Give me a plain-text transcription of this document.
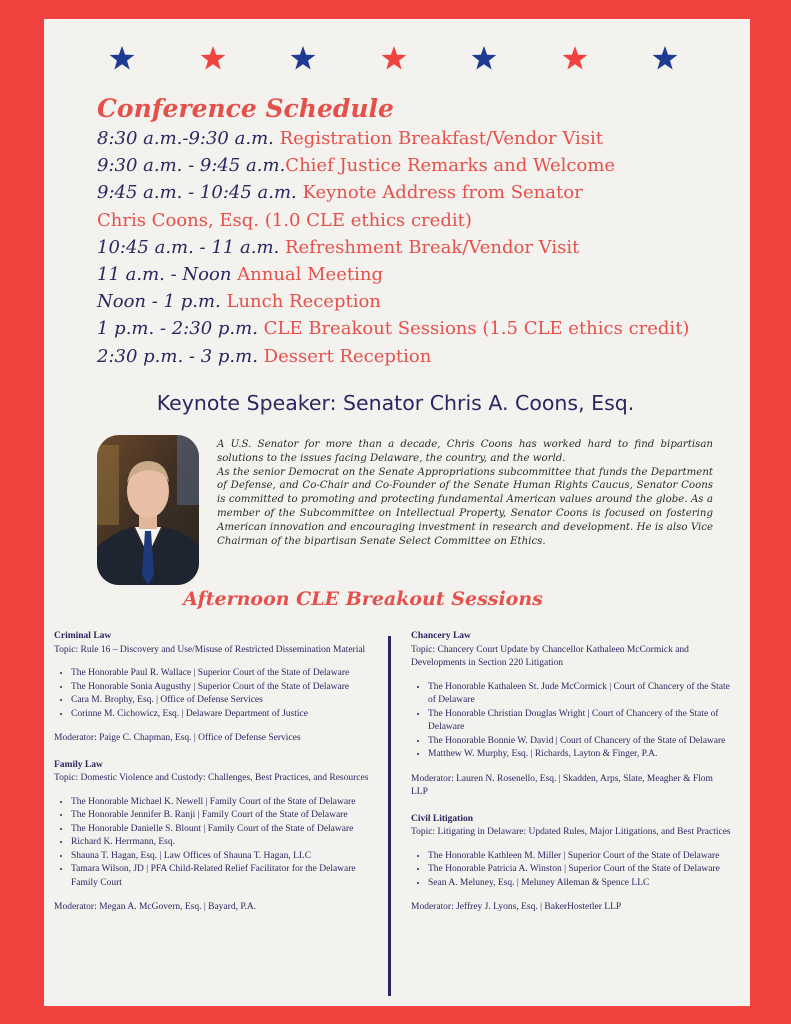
Conference Schedule
8:30 a.m.-9:30 a.m. Registration Breakfast/Vendor Visit
9:30 a.m. - 9:45 a.m.Chief Justice Remarks and Welcome
9:45 a.m. - 10:45 a.m. Keynote Address from Senator
Chris Coons, Esq. (1.0 CLE ethics credit)
10:45 a.m. - 11 a.m. Refreshment Break/Vendor Visit
11 a.m. - Noon Annual Meeting
Noon - 1 p.m. Lunch Reception
1 p.m. - 2:30 p.m. CLE Breakout Sessions (1.5 CLE ethics credit)
2:30 p.m. - 3 p.m. Dessert Reception
Keynote Speaker: Senator Chris A. Coons, Esq.

A U.S. Senator for more than a decade, Chris Coons has worked hard to find bipartisan solutions to the issues facing Delaware, the country, and the world.

As the senior Democrat on the Senate Appropriations subcommittee that funds the Department of Defense, and Co-Chair and Co-Founder of the Senate Human Rights Caucus, Senator Coons is committed to promoting and protecting fundamental American values around the globe. As a member of the Subcommittee on Intellectual Property, Senator Coons is focused on fostering American innovation and encouraging investment in research and development. He is also Vice Chairman of the bipartisan Senate Select Committee on Ethics.

Afternoon CLE Breakout Sessions
Criminal Law
Topic: Rule 16 – Discovery and Use/Misuse of Restricted Dissemination Material
• The Honorable Paul R. Wallace | Superior Court of the State of Delaware
• The Honorable Sonia Augusthy | Superior Court of the State of Delaware
• Cara M. Brophy, Esq. | Office of Defense Services
• Corinne M. Cichowicz, Esq. | Delaware Department of Justice
Moderator: Paige C. Chapman, Esq. | Office of Defense Services
Family Law
Topic: Domestic Violence and Custody: Challenges, Best Practices, and Resources
• The Honorable Michael K. Newell | Family Court of the State of Delaware
• The Honorable Jennifer B. Ranji | Family Court of the State of Delaware
• The Honorable Danielle S. Blount | Family Court of the State of Delaware
• Richard K. Herrmann, Esq.
• Shauna T. Hagan, Esq. | Law Offices of Shauna T. Hagan, LLC
• Tamara Wilson, JD | PFA Child-Related Relief Facilitator for the Delaware Family Court
Moderator: Megan A. McGovern, Esq. | Bayard, P.A.
Chancery Law
Topic: Chancery Court Update by Chancellor Kathaleen McCormick and Developments in Section 220 Litigation
• The Honorable Kathaleen St. Jude McCormick | Court of Chancery of the State of Delaware
• The Honorable Christian Douglas Wright | Court of Chancery of the State of Delaware
• The Honorable Bonnie W. David | Court of Chancery of the State of Delaware
• Matthew W. Murphy, Esq. | Richards, Layton & Finger, P.A.
Moderator: Lauren N. Rosenello, Esq. | Skadden, Arps, Slate, Meagher & Flom LLP
Civil Litigation
Topic: Litigating in Delaware: Updated Rules, Major Litigations, and Best Practices
• The Honorable Kathleen M. Miller | Superior Court of the State of Delaware
• The Honorable Patricia A. Winston | Superior Court of the State of Delaware
• Sean A. Meluney, Esq. | Meluney Alleman & Spence LLC
Moderator: Jeffrey J. Lyons, Esq. | BakerHostetler LLP
